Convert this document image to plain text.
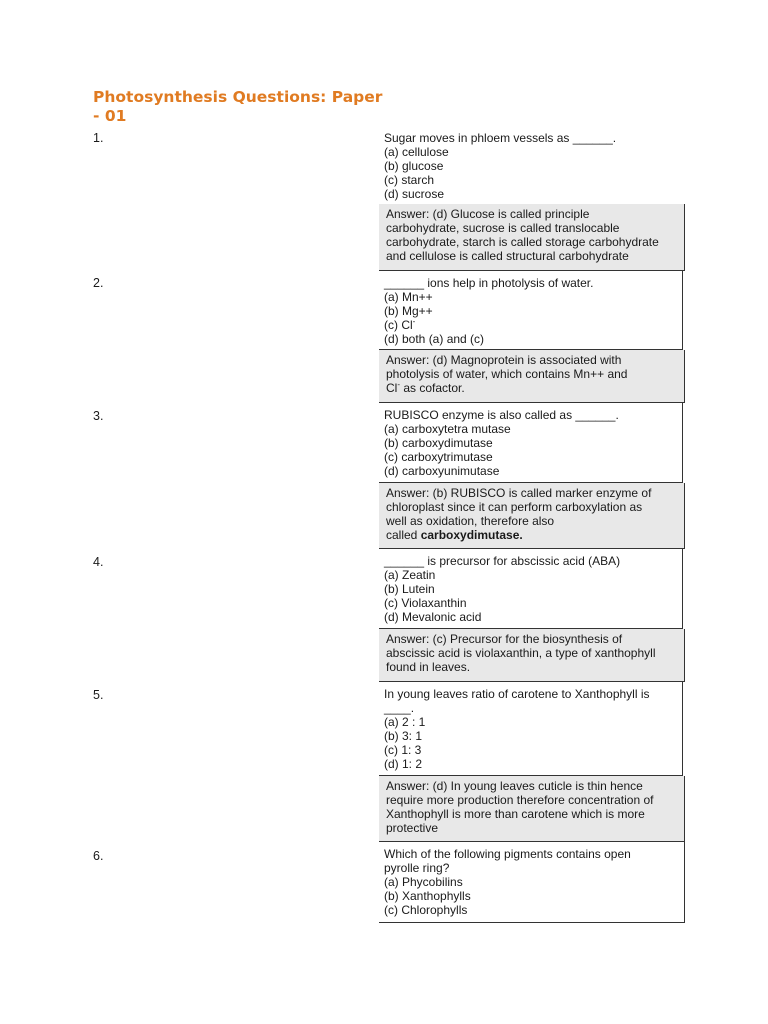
Photosynthesis Questions: Paper - 01
1.	Sugar moves in phloem vessels as ______.
(a) cellulose
(b) glucose
(c) starch
(d) sucrose
Answer: (d) Glucose is called principle
carbohydrate, sucrose is called translocable
carbohydrate, starch is called storage carbohydrate
and cellulose is called structural carbohydrate
2.	______ ions help in photolysis of water.
(a) Mn++
(b) Mg++
(c) Cl-
(d) both (a) and (c)
Answer: (d) Magnoprotein is associated with
photolysis of water, which contains Mn++ and
Cl- as cofactor.
3.	RUBISCO enzyme is also called as ______.
(a) carboxytetra mutase
(b) carboxydimutase
(c) carboxytrimutase
(d) carboxyunimutase
Answer: (b) RUBISCO is called marker enzyme of
chloroplast since it can perform carboxylation as
well as oxidation, therefore also
called carboxydimutase.
4.	______ is precursor for abscissic acid (ABA)
(a) Zeatin
(b) Lutein
(c) Violaxanthin
(d) Mevalonic acid
Answer: (c) Precursor for the biosynthesis of
abscissic acid is violaxanthin, a type of xanthophyll
found in leaves.
5.	In young leaves ratio of carotene to Xanthophyll is
____.
(a) 2 : 1
(b) 3: 1
(c) 1: 3
(d) 1: 2
Answer: (d) In young leaves cuticle is thin hence
require more production therefore concentration of
Xanthophyll is more than carotene which is more
protective
6.	Which of the following pigments contains open
pyrolle ring?
(a) Phycobilins
(b) Xanthophylls
(c) Chlorophylls
